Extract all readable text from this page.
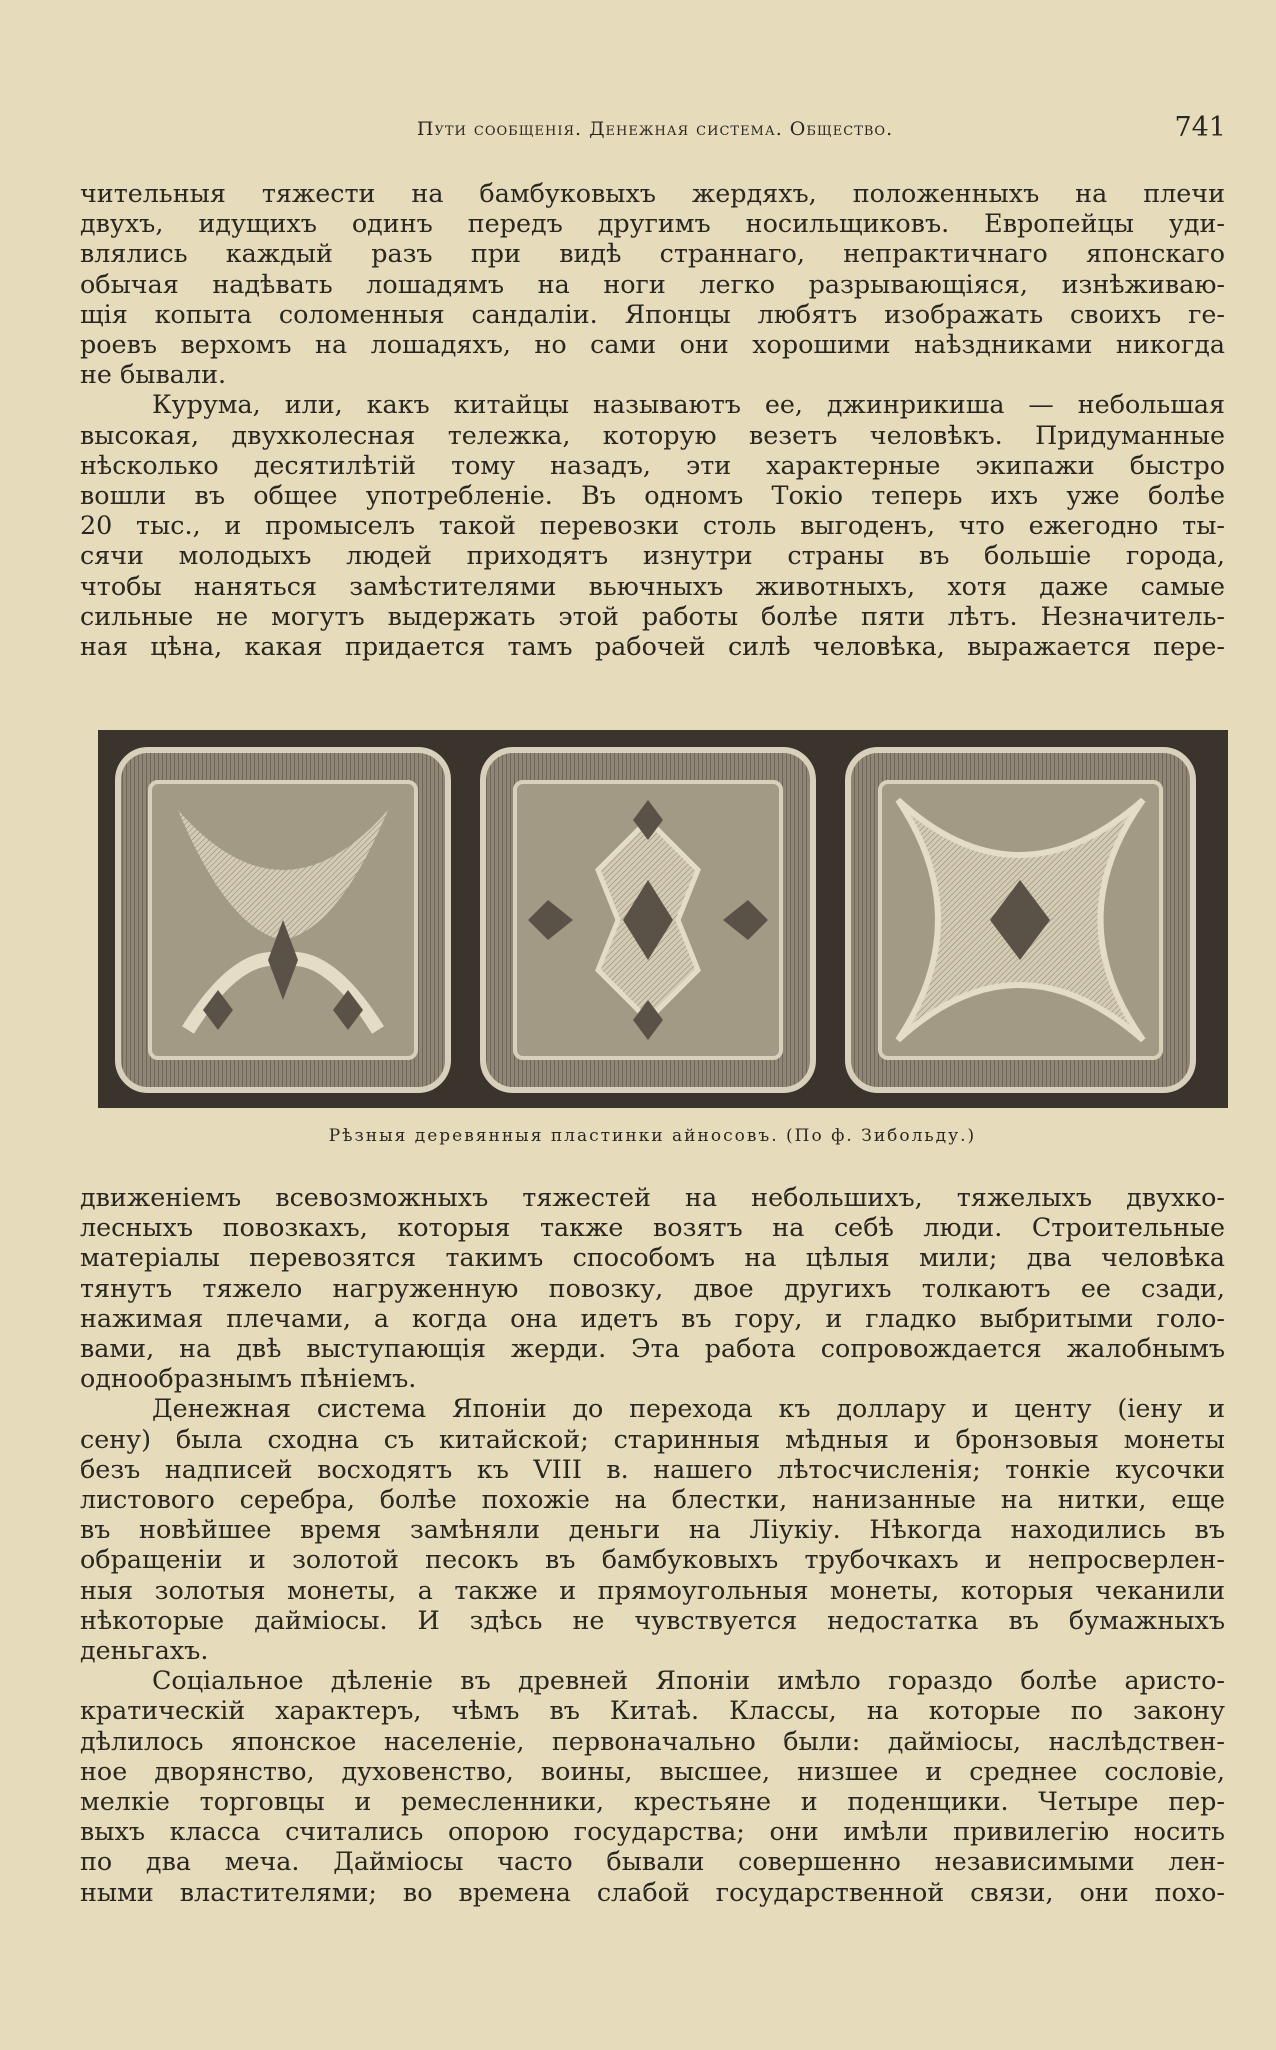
Пути сообщенія. Денежная система. Общество.	741
чительныя тяжести на бамбуковыхъ жердяхъ, положенныхъ на плечи
двухъ, идущихъ одинъ передъ другимъ носильщиковъ. Европейцы уди-
влялись каждый разъ при видѣ страннаго, непрактичнаго японскаго
обычая надѣвать лошадямъ на ноги легко разрывающіяся, изнѣживаю-
щія копыта соломенныя сандаліи. Японцы любятъ изображать своихъ ге-
роевъ верхомъ на лошадяхъ, но сами они хорошими наѣздниками никогда
не бывали.
Курума, или, какъ китайцы называютъ ее, джинрикиша — небольшая
высокая, двухколесная тележка, которую везетъ человѣкъ. Придуманные
нѣсколько десятилѣтій тому назадъ, эти характерные экипажи быстро
вошли въ общее употребленіе. Въ одномъ Токіо теперь ихъ уже болѣе
20 тыс., и промыселъ такой перевозки столь выгоденъ, что ежегодно ты-
сячи молодыхъ людей приходятъ изнутри страны въ большіе города,
чтобы наняться замѣстителями вьючныхъ животныхъ, хотя даже самые
сильные не могутъ выдержать этой работы болѣе пяти лѣтъ. Незначитель-
ная цѣна, какая придается тамъ рабочей силѣ человѣка, выражается пере-
Рѣзныя деревянныя пластинки айносовъ. (По ф. Зибольду.)
движеніемъ всевозможныхъ тяжестей на небольшихъ, тяжелыхъ двухко-
лесныхъ повозкахъ, которыя также возятъ на себѣ люди. Строительные
матеріалы перевозятся такимъ способомъ на цѣлыя мили; два человѣка
тянутъ тяжело нагруженную повозку, двое другихъ толкаютъ ее сзади,
нажимая плечами, а когда она идетъ въ гору, и гладко выбритыми голо-
вами, на двѣ выступающія жерди. Эта работа сопровождается жалобнымъ
однообразнымъ пѣніемъ.
Денежная система Японіи до перехода къ доллару и центу (іену и
сену) была сходна съ китайской; старинныя мѣдныя и бронзовыя монеты
безъ надписей восходятъ къ VIII в. нашего лѣтосчисленія; тонкіе кусочки
листового серебра, болѣе похожіе на блестки, нанизанные на нитки, еще
въ новѣйшее время замѣняли деньги на Ліукіу. Нѣкогда находились въ
обращеніи и золотой песокъ въ бамбуковыхъ трубочкахъ и непросверлен-
ныя золотыя монеты, а также и прямоугольныя монеты, которыя чеканили
нѣкоторые дайміосы. И здѣсь не чувствуется недостатка въ бумажныхъ
деньгахъ.
Соціальное дѣленіе въ древней Японіи имѣло гораздо болѣе аристо-
кратическій характеръ, чѣмъ въ Китаѣ. Классы, на которые по закону
дѣлилось японское населеніе, первоначально были: дайміосы, наслѣдствен-
ное дворянство, духовенство, воины, высшее, низшее и среднее сословіе,
мелкіе торговцы и ремесленники, крестьяне и поденщики. Четыре пер-
выхъ класса считались опорою государства; они имѣли привилегію носить
по два меча. Дайміосы часто бывали совершенно независимыми лен-
ными властителями; во времена слабой государственной связи, они похо-
